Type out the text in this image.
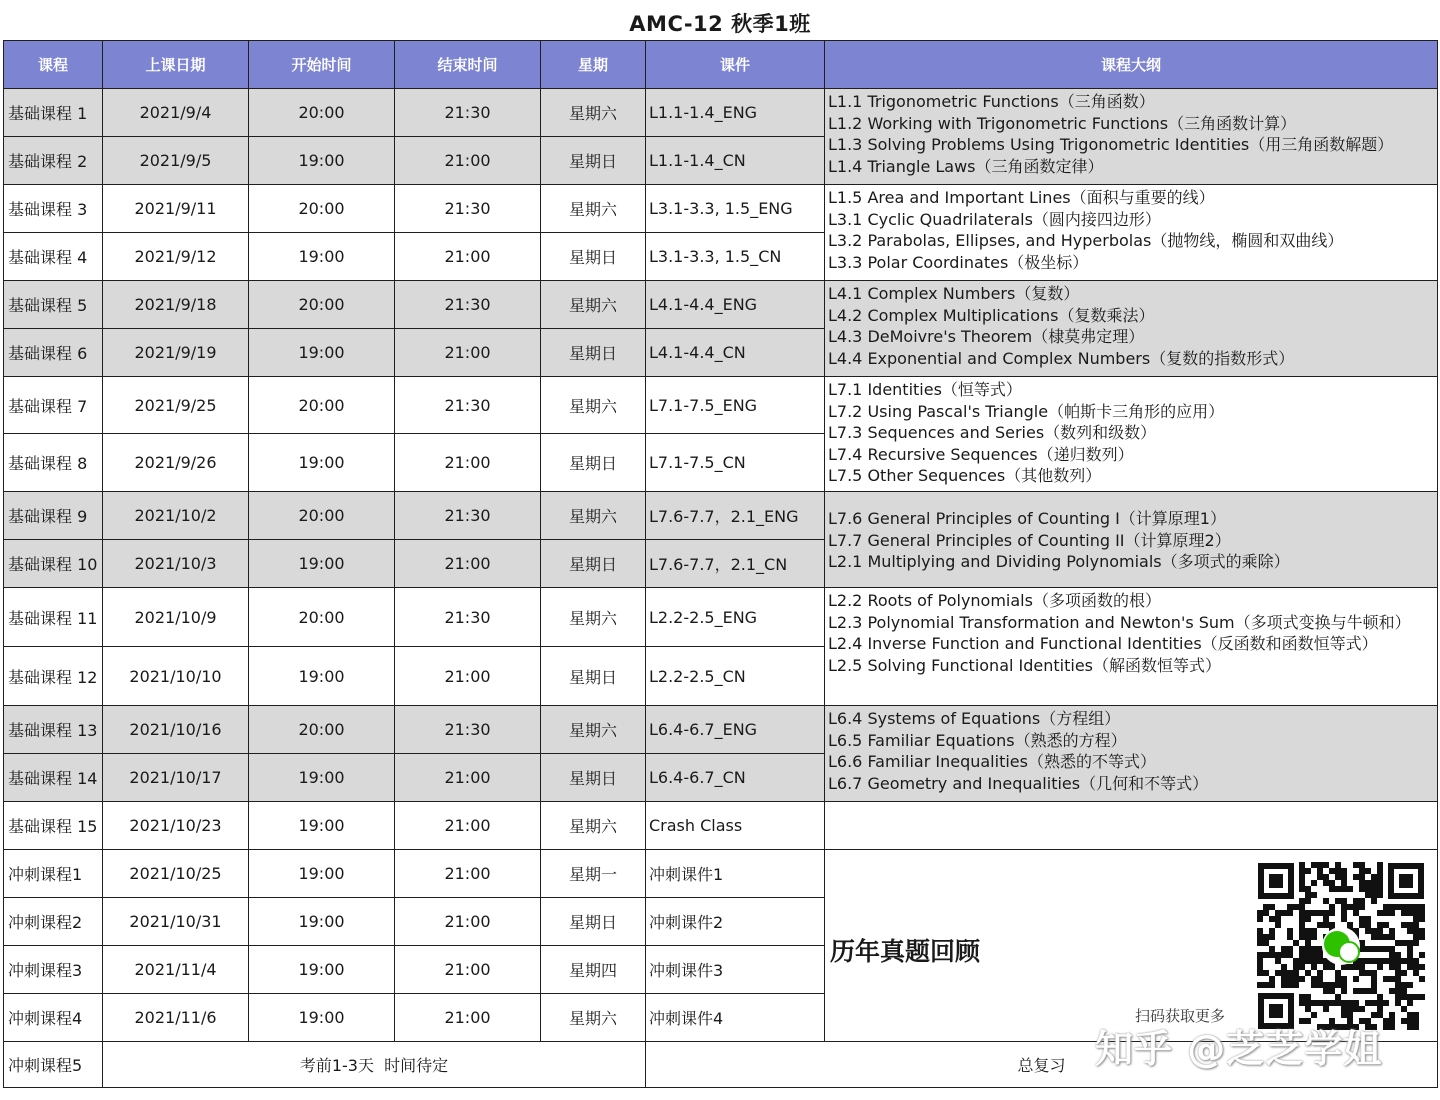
AMC-12 秋季1班
课程	上课日期	开始时间	结束时间	星期	课件	课程大纲
基础课程 1	2021/9/4	20:00	21:30	星期六	L1.1-1.4_ENG	L1.1 Trigonometric Functions（三角函数）
L1.2 Working with Trigonometric Functions（三角函数计算）
L1.3 Solving Problems Using Trigonometric Identities（用三角函数解题）
L1.4 Triangle Laws（三角函数定律）

基础课程 2	2021/9/5	19:00	21:00	星期日	L1.1-1.4_CN	
基础课程 3	2021/9/11	20:00	21:30	星期六	L3.1-3.3, 1.5_ENG	L1.5 Area and Important Lines（面积与重要的线）
L3.1 Cyclic Quadrilaterals（圆内接四边形）
L3.2 Parabolas, Ellipses, and Hyperbolas（抛物线，椭圆和双曲线）
L3.3 Polar Coordinates（极坐标）

基础课程 4	2021/9/12	19:00	21:00	星期日	L3.1-3.3, 1.5_CN	
基础课程 5	2021/9/18	20:00	21:30	星期六	L4.1-4.4_ENG	L4.1 Complex Numbers（复数）
L4.2 Complex Multiplications（复数乘法）
L4.3 DeMoivre's Theorem（棣莫弗定理）
L4.4 Exponential and Complex Numbers（复数的指数形式）

基础课程 6	2021/9/19	19:00	21:00	星期日	L4.1-4.4_CN	
基础课程 7	2021/9/25	20:00	21:30	星期六	L7.1-7.5_ENG	L7.1 Identities（恒等式）
L7.2 Using Pascal's Triangle（帕斯卡三角形的应用）
L7.3 Sequences and Series（数列和级数）
L7.4 Recursive Sequences（递归数列）
L7.5 Other Sequences（其他数列）

基础课程 8	2021/9/26	19:00	21:00	星期日	L7.1-7.5_CN	
基础课程 9	2021/10/2	20:00	21:30	星期六	L7.6-7.7，2.1_ENG	L7.6 General Principles of Counting I（计算原理1）
L7.7 General Principles of Counting II（计算原理2）
L2.1 Multiplying and Dividing Polynomials（多项式的乘除）

基础课程 10	2021/10/3	19:00	21:00	星期日	L7.6-7.7，2.1_CN	
基础课程 11	2021/10/9	20:00	21:30	星期六	L2.2-2.5_ENG	L2.2 Roots of Polynomials（多项函数的根）
L2.3 Polynomial Transformation and Newton's Sum（多项式变换与牛顿和）
L2.4 Inverse Function and Functional Identities（反函数和函数恒等式）
L2.5 Solving Functional Identities（解函数恒等式）

基础课程 12	2021/10/10	19:00	21:00	星期日	L2.2-2.5_CN	
基础课程 13	2021/10/16	20:00	21:30	星期六	L6.4-6.7_ENG	L6.4 Systems of Equations（方程组）
L6.5 Familiar Equations（熟悉的方程）
L6.6 Familiar Inequalities（熟悉的不等式）
L6.7 Geometry and Inequalities（几何和不等式）

基础课程 14	2021/10/17	19:00	21:00	星期日	L6.4-6.7_CN	
基础课程 15	2021/10/23	19:00	21:00	星期六	Crash Class	
冲刺课程1	2021/10/25	19:00	21:00	星期一	冲刺课件1	历年真题回顾
扫码获取更多

冲刺课程2	2021/10/31	19:00	21:00	星期日	冲刺课件2	
冲刺课程3	2021/11/4	19:00	21:00	星期四	冲刺课件3	
冲刺课程4	2021/11/6	19:00	21:00	星期六	冲刺课件4	
冲刺课程5	考前1-3天  时间待定				总复习	知乎 @芝芝学姐
